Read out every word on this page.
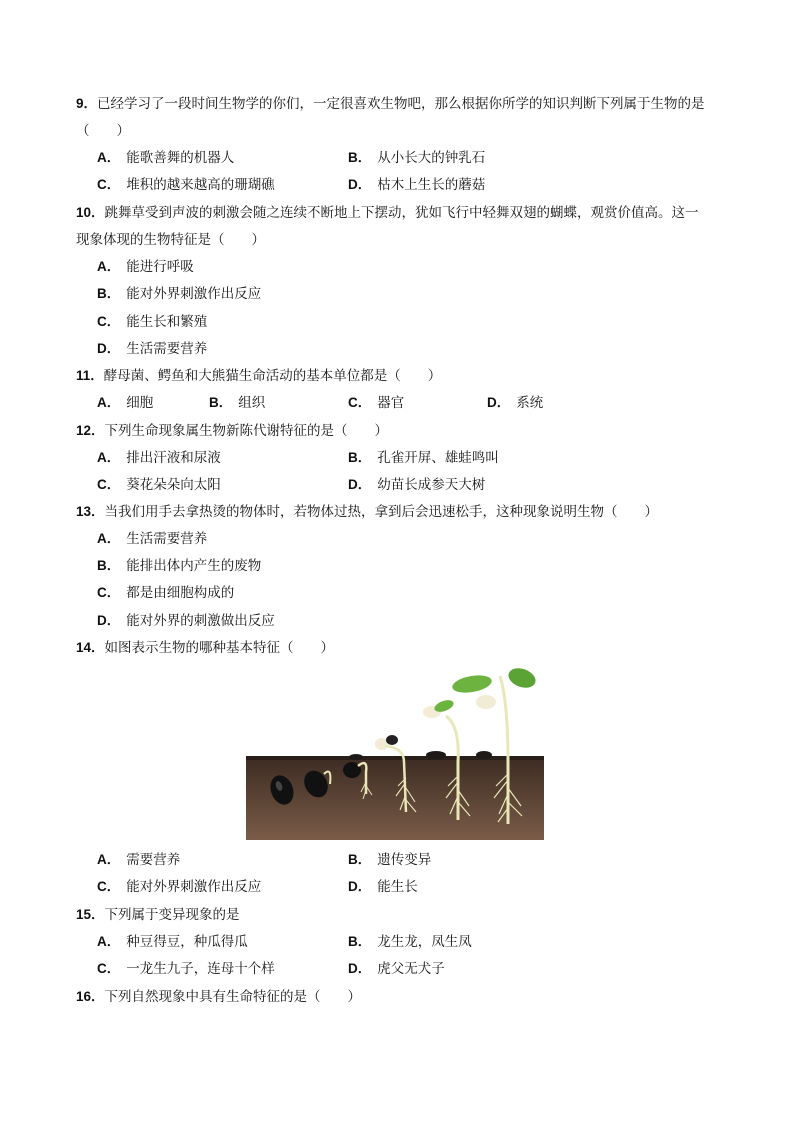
9．已经学习了一段时间生物学的你们，一定很喜欢生物吧，那么根据你所学的知识判断下列属于生物的是
（　　）
A． 能歌善舞的机器人	B． 从小长大的钟乳石
C． 堆积的越来越高的珊瑚礁	D． 枯木上生长的蘑菇
10．跳舞草受到声波的刺激会随之连续不断地上下摆动，犹如飞行中轻舞双翅的蝴蝶，观赏价值高。这一
现象体现的生物特征是（　　）
A． 能进行呼吸
B． 能对外界刺激作出反应
C． 能生长和繁殖
D． 生活需要营养
11．酵母菌、鳄鱼和大熊猫生命活动的基本单位都是（　　）
A． 细胞	B． 组织	C． 器官	D． 系统
12．下列生命现象属生物新陈代谢特征的是（　　）
A． 排出汗液和尿液	B． 孔雀开屏、雄蛙鸣叫
C． 葵花朵朵向太阳	D． 幼苗长成参天大树
13．当我们用手去拿热烫的物体时，若物体过热，拿到后会迅速松手，这种现象说明生物（　　）
A． 生活需要营养
B． 能排出体内产生的废物
C． 都是由细胞构成的
D． 能对外界的刺激做出反应
14．如图表示生物的哪种基本特征（　　）
A． 需要营养	B． 遗传变异
C． 能对外界刺激作出反应	D． 能生长
15．下列属于变异现象的是
A． 种豆得豆，种瓜得瓜	B． 龙生龙，凤生凤
C． 一龙生九子，连母十个样	D． 虎父无犬子
16．下列自然现象中具有生命特征的是（　　）
